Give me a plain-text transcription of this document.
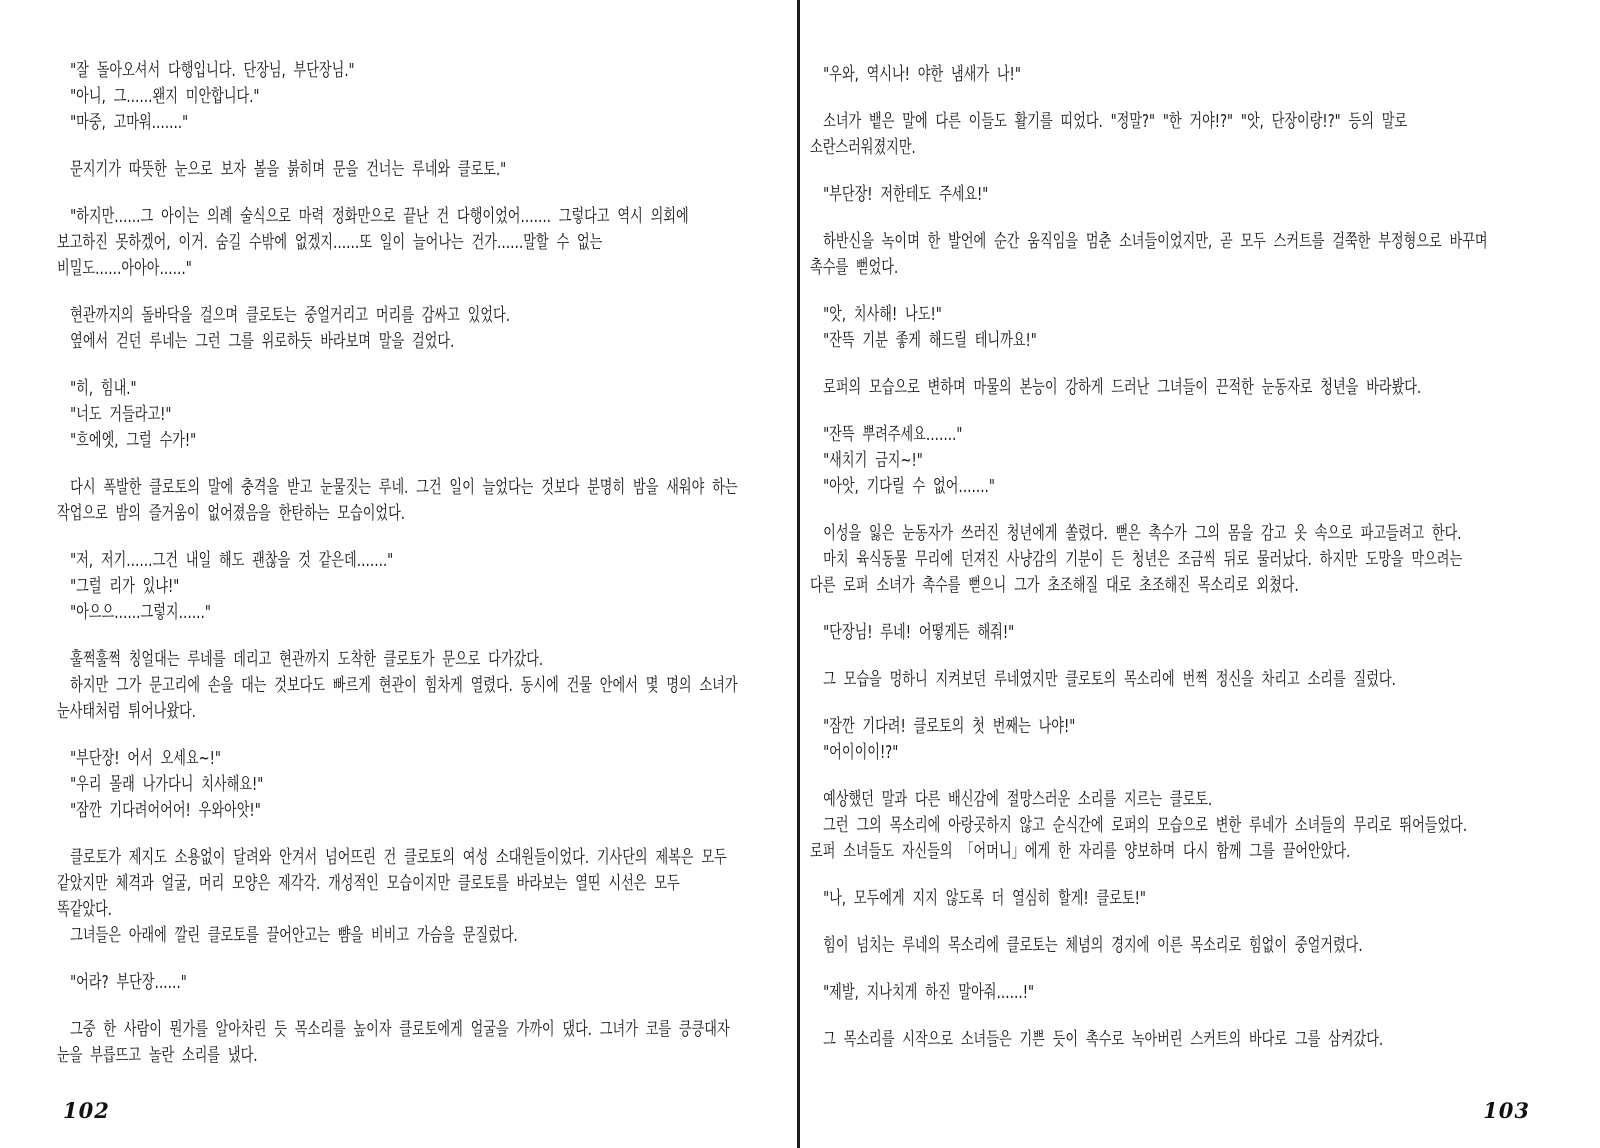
"잘 돌아오셔서 다행입니다. 단장님, 부단장님."
"아니, 그……왠지 미안합니다."
"마중, 고마워……."
문지기가 따뜻한 눈으로 보자 볼을 붉히며 문을 건너는 루네와 클로토."
"하지만……그 아이는 의례 술식으로 마력 정화만으로 끝난 건 다행이었어……. 그렇다고 역시 의회에
보고하진 못하겠어, 이거. 숨길 수밖에 없겠지……또 일이 늘어나는 건가……말할 수 없는
비밀도……아아아……"
현관까지의 돌바닥을 걸으며 클로토는 중얼거리고 머리를 감싸고 있었다.
옆에서 걷던 루네는 그런 그를 위로하듯 바라보며 말을 걸었다.
"히, 힘내."
"너도 거들라고!"
"흐에엣, 그럴 수가!"
다시 폭발한 클로토의 말에 충격을 받고 눈물짓는 루네. 그건 일이 늘었다는 것보다 분명히 밤을 새워야 하는
작업으로 밤의 즐거움이 없어졌음을 한탄하는 모습이었다.
"저, 저기……그건 내일 해도 괜찮을 것 같은데……."
"그럴 리가 있냐!"
"아으으……그렇지……"
훌쩍훌쩍 칭얼대는 루네를 데리고 현관까지 도착한 클로토가 문으로 다가갔다.
하지만 그가 문고리에 손을 대는 것보다도 빠르게 현관이 힘차게 열렸다. 동시에 건물 안에서 몇 명의 소녀가
눈사태처럼 튀어나왔다.
"부단장! 어서 오세요~!"
"우리 몰래 나가다니 치사해요!"
"잠깐 기다려어어어! 우와아앗!"
클로토가 제지도 소용없이 달려와 안겨서 넘어뜨린 건 클로토의 여성 소대원들이었다. 기사단의 제복은 모두
같았지만 체격과 얼굴, 머리 모양은 제각각. 개성적인 모습이지만 클로토를 바라보는 열띤 시선은 모두
똑같았다.
그녀들은 아래에 깔린 클로토를 끌어안고는 뺨을 비비고 가슴을 문질렀다.
"어라? 부단장……"
그중 한 사람이 뭔가를 알아차린 듯 목소리를 높이자 클로토에게 얼굴을 가까이 댔다. 그녀가 코를 킁킁대자
눈을 부릅뜨고 놀란 소리를 냈다.
102
"우와, 역시나! 야한 냄새가 나!"
소녀가 뱉은 말에 다른 이들도 활기를 띠었다. "정말?" "한 거야!?" "앗, 단장이랑!?" 등의 말로
소란스러워졌지만.
"부단장! 저한테도 주세요!"
하반신을 녹이며 한 발언에 순간 움직임을 멈춘 소녀들이었지만, 곧 모두 스커트를 걸쭉한 부정형으로 바꾸며
촉수를 뻗었다.
"앗, 치사해! 나도!"
"잔뜩 기분 좋게 해드릴 테니까요!"
로퍼의 모습으로 변하며 마물의 본능이 강하게 드러난 그녀들이 끈적한 눈동자로 청년을 바라봤다.
"잔뜩 뿌려주세요……."
"새치기 금지~!"
"아앗, 기다릴 수 없어……."
이성을 잃은 눈동자가 쓰러진 청년에게 쏠렸다. 뻗은 촉수가 그의 몸을 감고 옷 속으로 파고들려고 한다.
마치 육식동물 무리에 던져진 사냥감의 기분이 든 청년은 조금씩 뒤로 물러났다. 하지만 도망을 막으려는
다른 로퍼 소녀가 촉수를 뻗으니 그가 초조해질 대로 초조해진 목소리로 외쳤다.
"단장님! 루네! 어떻게든 해줘!"
그 모습을 멍하니 지켜보던 루네였지만 클로토의 목소리에 번쩍 정신을 차리고 소리를 질렀다.
"잠깐 기다려! 클로토의 첫 번째는 나야!"
"어이이이!?"
예상했던 말과 다른 배신감에 절망스러운 소리를 지르는 클로토.
그런 그의 목소리에 아랑곳하지 않고 순식간에 로퍼의 모습으로 변한 루네가 소녀들의 무리로 뛰어들었다.
로퍼 소녀들도 자신들의 「어머니」에게 한 자리를 양보하며 다시 함께 그를 끌어안았다.
"나, 모두에게 지지 않도록 더 열심히 할게! 클로토!"
힘이 넘치는 루네의 목소리에 클로토는 체념의 경지에 이른 목소리로 힘없이 중얼거렸다.
"제발, 지나치게 하진 말아줘……!"
그 목소리를 시작으로 소녀들은 기쁜 듯이 촉수로 녹아버린 스커트의 바다로 그를 삼켜갔다.
103
